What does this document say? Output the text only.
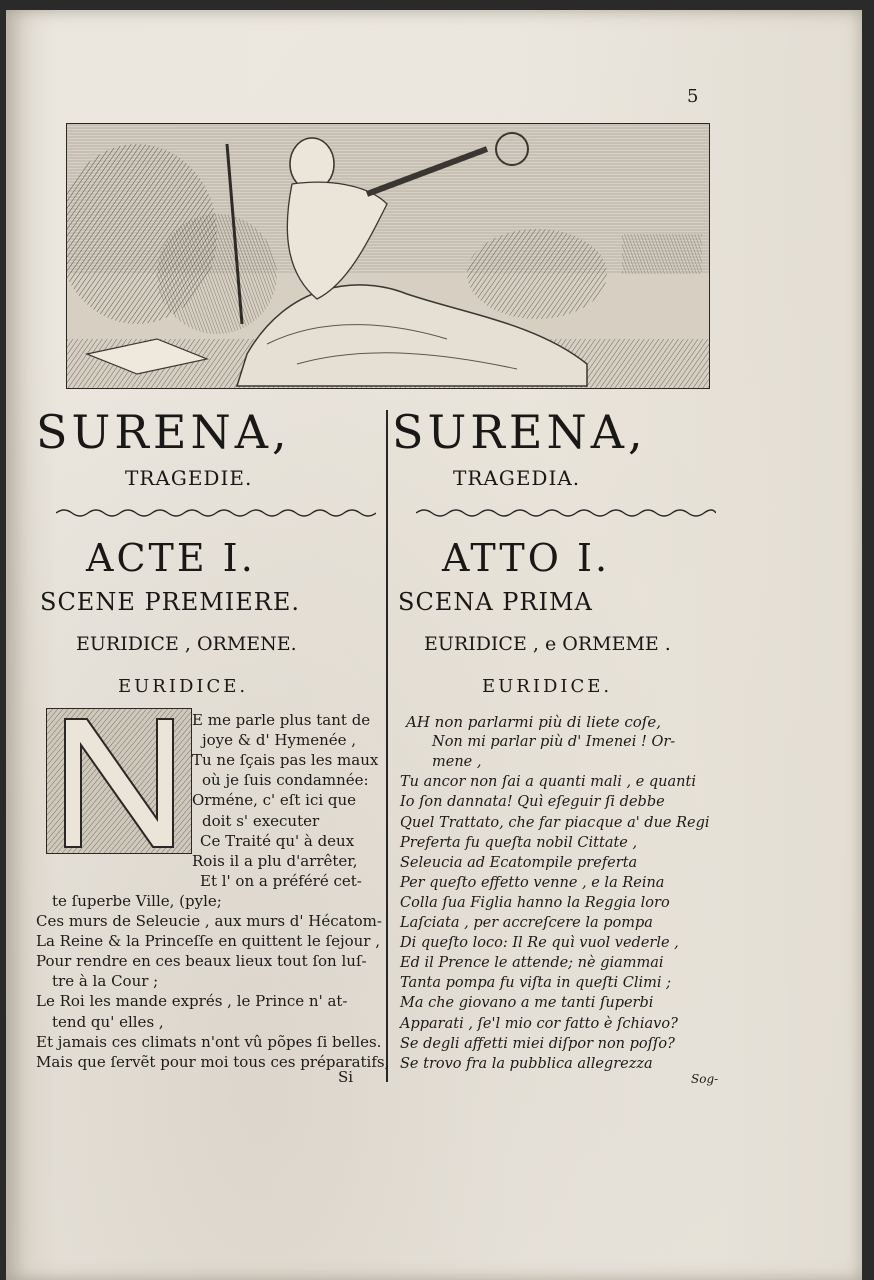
5
SURENA, SURENA,
TRAGEDIE.	TRAGEDIA.
ACTE I.	ATTO I.
SCENE PREMIERE.	SCENA PRIMA
EURIDICE , ORMENE.	EURIDICE , e ORMEME .
EURIDICE.	EURIDICE.
E me parle plus tant de
joye & d' Hymenée ,
Tu ne ſçais pas les maux
où je ſuis condamnée:
Orméne, c' eſt ici que
doit s' executer
Ce Traité qu' à deux
Rois il a plu d'arrêter,
Et l' on a préféré cet-
te ſuperbe Ville, (pyle;
Ces murs de Seleucie , aux murs d' Hécatom-
La Reine & la Princeſſe en quittent le ſejour ,
Pour rendre en ces beaux lieux tout ſon luſ-
tre à la Cour ;
Le Roi les mande exprés , le Prince n' at-
tend qu' elles ,
Et jamais ces climats n'ont vû põpes ſi belles.
Mais que ſervẽt pour moi tous ces préparatifs,
Si
AH non parlarmi più di liete coſe,
Non mi parlar più d' Imenei ! Or-
mene ,
Tu ancor non ſai a quanti mali , e quanti
Io ſon dannata! Quì eſeguir ſi debbe
Quel Trattato, che far piacque a' due Regi
Preferta fu queſta nobil Cittate ,
Seleucia ad Ecatompile preferta
Per queſto effetto venne , e la Reina
Colla ſua Figlia hanno la Reggia loro
Laſciata , per accreſcere la pompa
Di queſto loco: Il Re quì vuol vederle ,
Ed il Prence le attende; nè giammai
Tanta pompa fu viſta in queſti Climi ;
Ma che giovano a me tanti ſuperbi
Apparati , ſe'l mio cor fatto è ſchiavo?
Se degli affetti miei diſpor non poſſo?
Sog-
Se trovo fra la pubblica allegrezza
